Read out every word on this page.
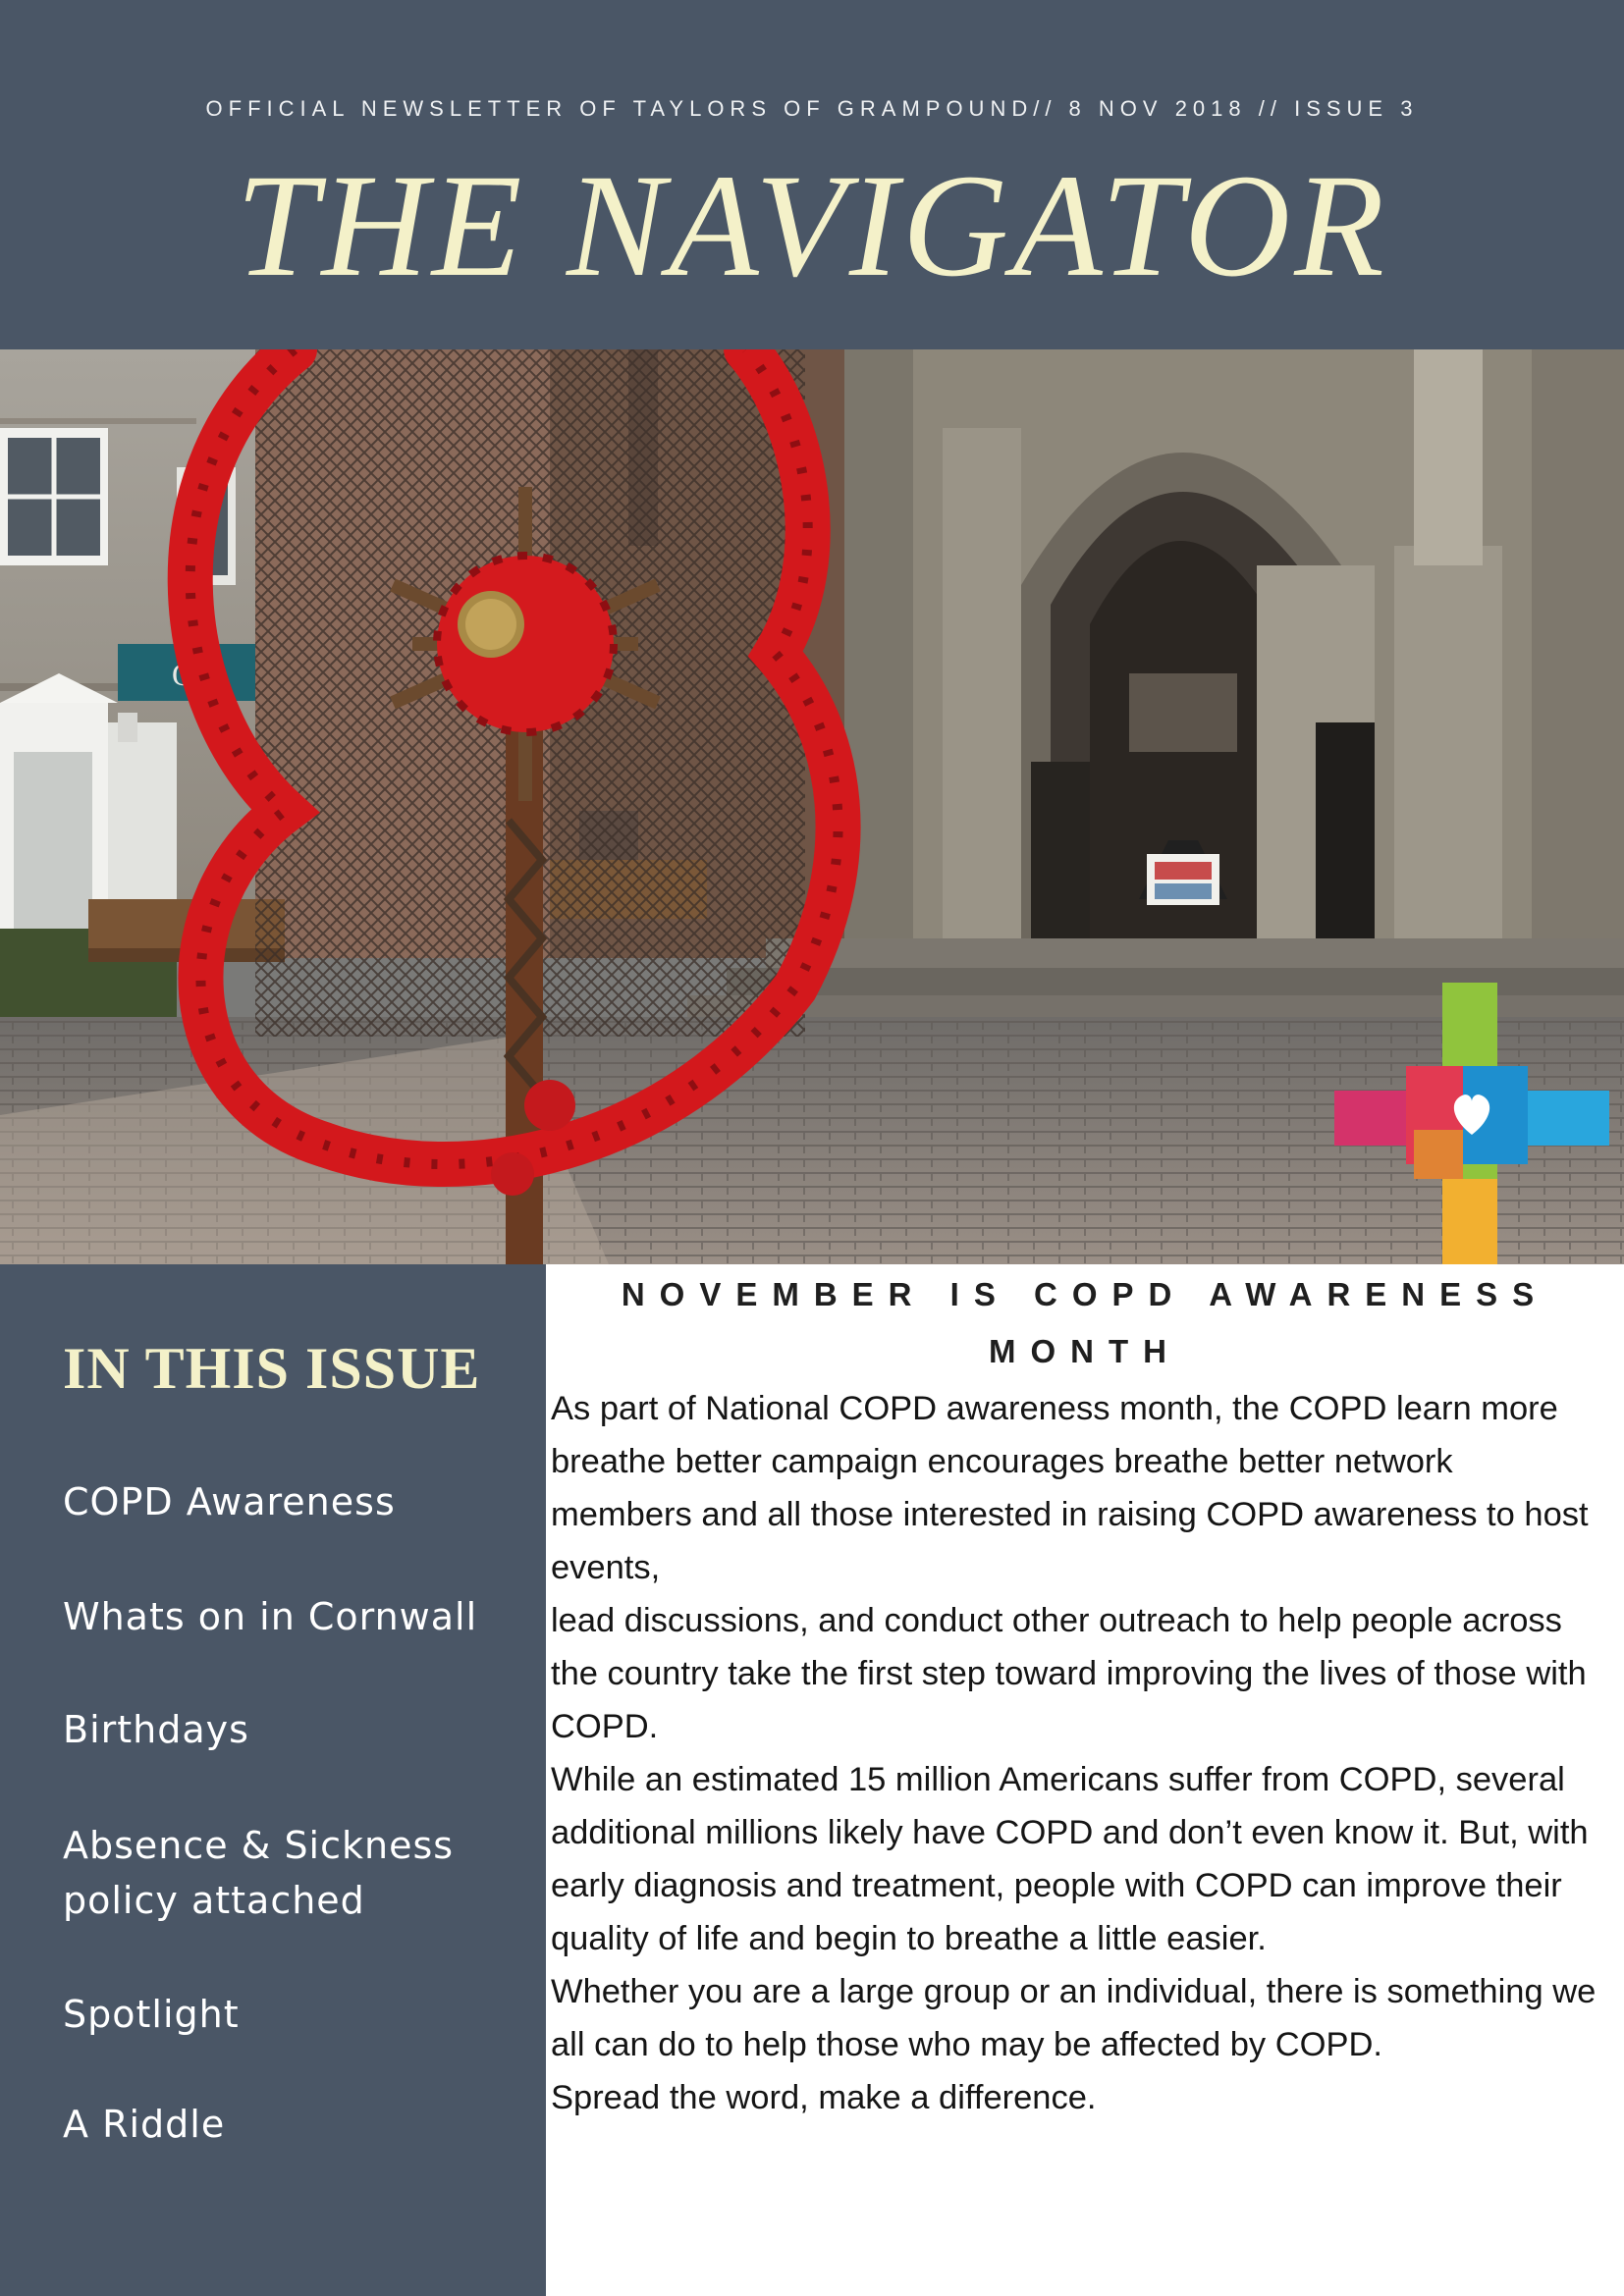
OFFICIAL NEWSLETTER OF TAYLORS OF GRAMPOUND// 8 NOV 2018 // ISSUE 3
THE NAVIGATOR
QU
IN THIS ISSUE
COPD Awareness
Whats on in Cornwall
Birthdays
Absence & Sickness policy attached
Spotlight
A Riddle
NOVEMBER IS COPD AWARENESS MONTH

As part of National COPD awareness month, the COPD learn more breathe better campaign encourages breathe better network members and all those interested in raising COPD awareness to host events,

lead discussions, and conduct other outreach to help people across the country take the first step toward improving the lives of those with COPD.

While an estimated 15 million Americans suffer from COPD, several additional millions likely have COPD and don’t even know it. But, with early diagnosis and treatment, people with COPD can improve their quality of life and begin to breathe a little easier.

Whether you are a large group or an individual, there is something we all can do to help those who may be affected by COPD.

Spread the word, make a difference.
